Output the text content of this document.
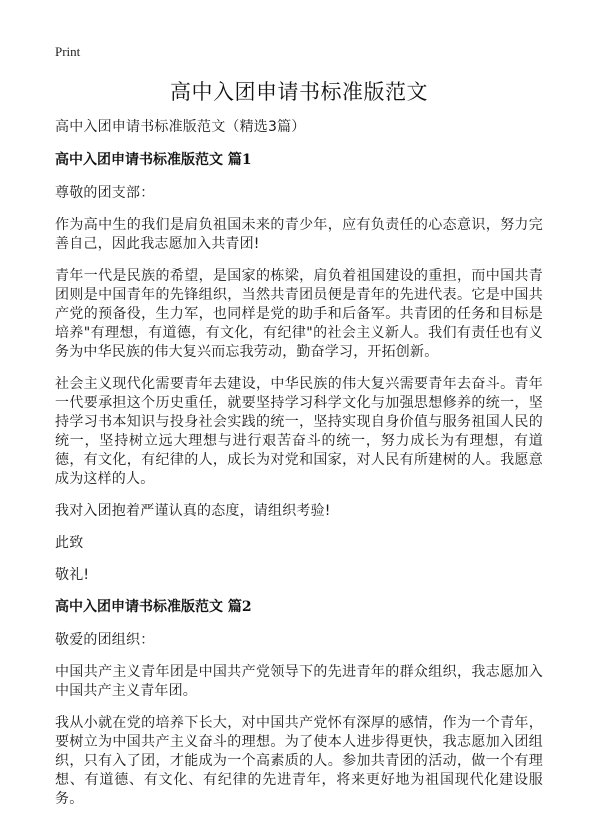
Print
高中入团申请书标准版范文

高中入团申请书标准版范文（精选3篇）

高中入团申请书标准版范文 篇1

尊敬的团支部：

作为高中生的我们是肩负祖国未来的青少年，应有负责任的心态意识，努力完善自己，因此我志愿加入共青团!

青年一代是民族的希望，是国家的栋梁，肩负着祖国建设的重担，而中国共青团则是中国青年的先锋组织，当然共青团员便是青年的先进代表。它是中国共产党的预备役，生力军，也同样是党的助手和后备军。共青团的任务和目标是培养"有理想，有道德，有文化，有纪律"的社会主义新人。我们有责任也有义务为中华民族的伟大复兴而忘我劳动，勤奋学习，开拓创新。

社会主义现代化需要青年去建设，中华民族的伟大复兴需要青年去奋斗。青年一代要承担这个历史重任，就要坚持学习科学文化与加强思想修养的统一，坚持学习书本知识与投身社会实践的统一，坚持实现自身价值与服务祖国人民的统一，坚持树立远大理想与进行艰苦奋斗的统一，努力成长为有理想，有道德，有文化，有纪律的人，成长为对党和国家，对人民有所建树的人。我愿意成为这样的人。

我对入团抱着严谨认真的态度，请组织考验!

此致

敬礼!

高中入团申请书标准版范文 篇2

敬爱的团组织：

中国共产主义青年团是中国共产党领导下的先进青年的群众组织，我志愿加入中国共产主义青年团。

我从小就在党的培养下长大，对中国共产党怀有深厚的感情，作为一个青年，要树立为中国共产主义奋斗的理想。为了使本人进步得更快，我志愿加入团组织，只有入了团，才能成为一个高素质的人。参加共青团的活动，做一个有理想、有道德、有文化、有纪律的先进青年，将来更好地为祖国现代化建设服务。
